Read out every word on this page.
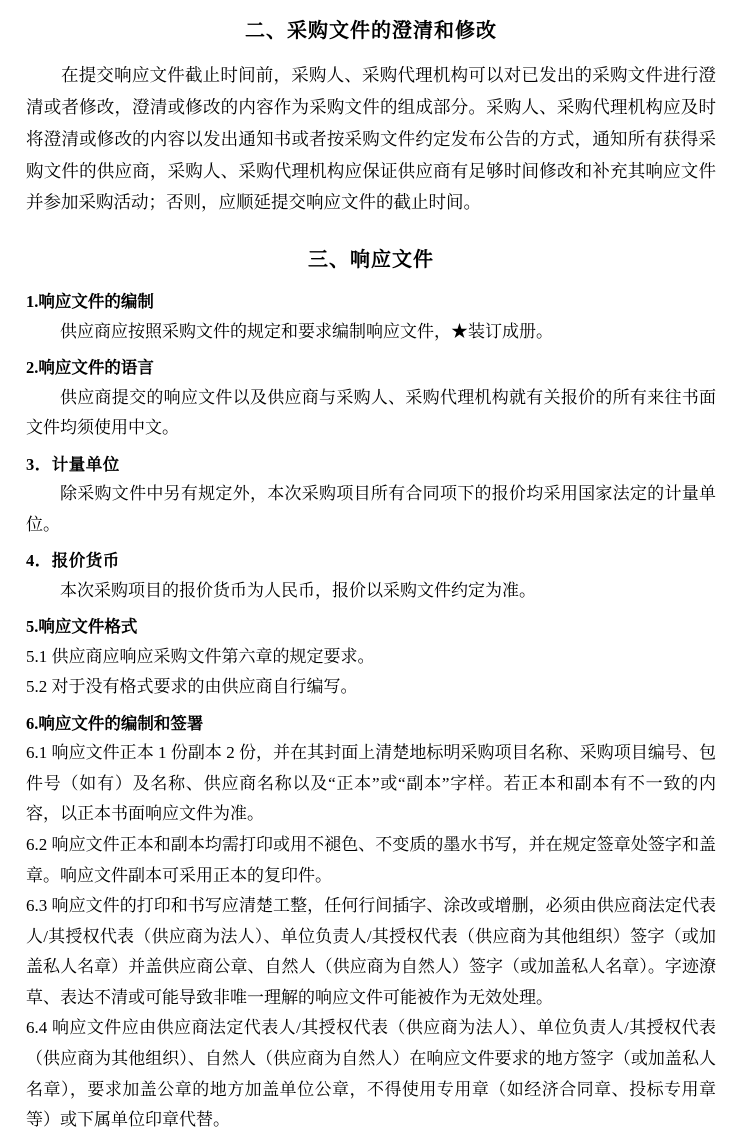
二、采购文件的澄清和修改

在提交响应文件截止时间前，采购人、采购代理机构可以对已发出的采购文件进行澄清或者修改，澄清或修改的内容作为采购文件的组成部分。采购人、采购代理机构应及时将澄清或修改的内容以发出通知书或者按采购文件约定发布公告的方式，通知所有获得采购文件的供应商，采购人、采购代理机构应保证供应商有足够时间修改和补充其响应文件并参加采购活动；否则，应顺延提交响应文件的截止时间。

三、响应文件
1.响应文件的编制

供应商应按照采购文件的规定和要求编制响应文件，★装订成册。

2.响应文件的语言

供应商提交的响应文件以及供应商与采购人、采购代理机构就有关报价的所有来往书面文件均须使用中文。

3．计量单位

除采购文件中另有规定外，本次采购项目所有合同项下的报价均采用国家法定的计量单位。

4．报价货币

本次采购项目的报价货币为人民币，报价以采购文件约定为准。

5.响应文件格式

5.1 供应商应响应采购文件第六章的规定要求。

5.2 对于没有格式要求的由供应商自行编写。

6.响应文件的编制和签署

6.1 响应文件正本 1 份副本 2 份，并在其封面上清楚地标明采购项目名称、采购项目编号、包件号（如有）及名称、供应商名称以及“正本”或“副本”字样。若正本和副本有不一致的内容，以正本书面响应文件为准。

6.2 响应文件正本和副本均需打印或用不褪色、不变质的墨水书写，并在规定签章处签字和盖章。响应文件副本可采用正本的复印件。

6.3 响应文件的打印和书写应清楚工整，任何行间插字、涂改或增删，必须由供应商法定代表人/其授权代表（供应商为法人）、单位负责人/其授权代表（供应商为其他组织）签字（或加盖私人名章）并盖供应商公章、自然人（供应商为自然人）签字（或加盖私人名章）。字迹潦草、表达不清或可能导致非唯一理解的响应文件可能被作为无效处理。

6.4 响应文件应由供应商法定代表人/其授权代表（供应商为法人）、单位负责人/其授权代表（供应商为其他组织）、自然人（供应商为自然人）在响应文件要求的地方签字（或加盖私人名章），要求加盖公章的地方加盖单位公章，不得使用专用章（如经济合同章、投标专用章等）或下属单位印章代替。
